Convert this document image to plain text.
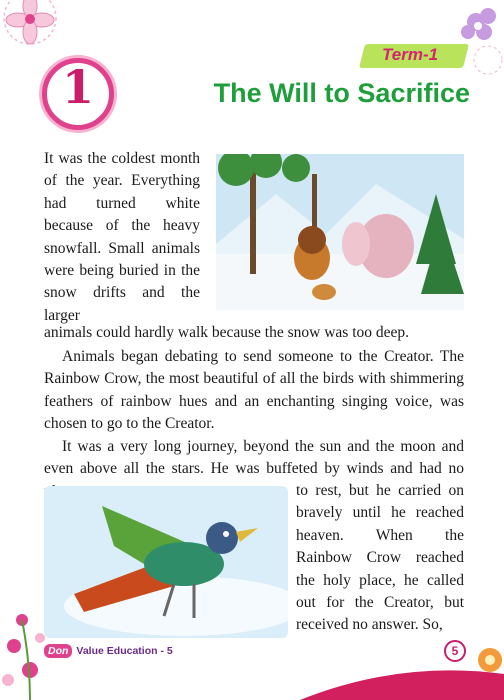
Term-1
1	The Will to Sacrifice
It was the coldest month of the year. Everything had turned white because of the heavy snowfall. Small animals were being buried in the snow drifts and the larger
animals could hardly walk because the snow was too deep.
Animals began debating to send someone to the Creator. The Rainbow Crow, the most beautiful of all the birds with shimmering feathers of rainbow hues and an enchanting singing voice, was chosen to go to the Creator.
It was a very long journey, beyond the sun and the moon and even above all the stars. He was buffeted by winds and had no
to rest, but he carried on bravely until he reached heaven. When the Rainbow Crow reached the holy place, he called out for the Creator, but received no answer. So,
Don Value Education - 5	5
